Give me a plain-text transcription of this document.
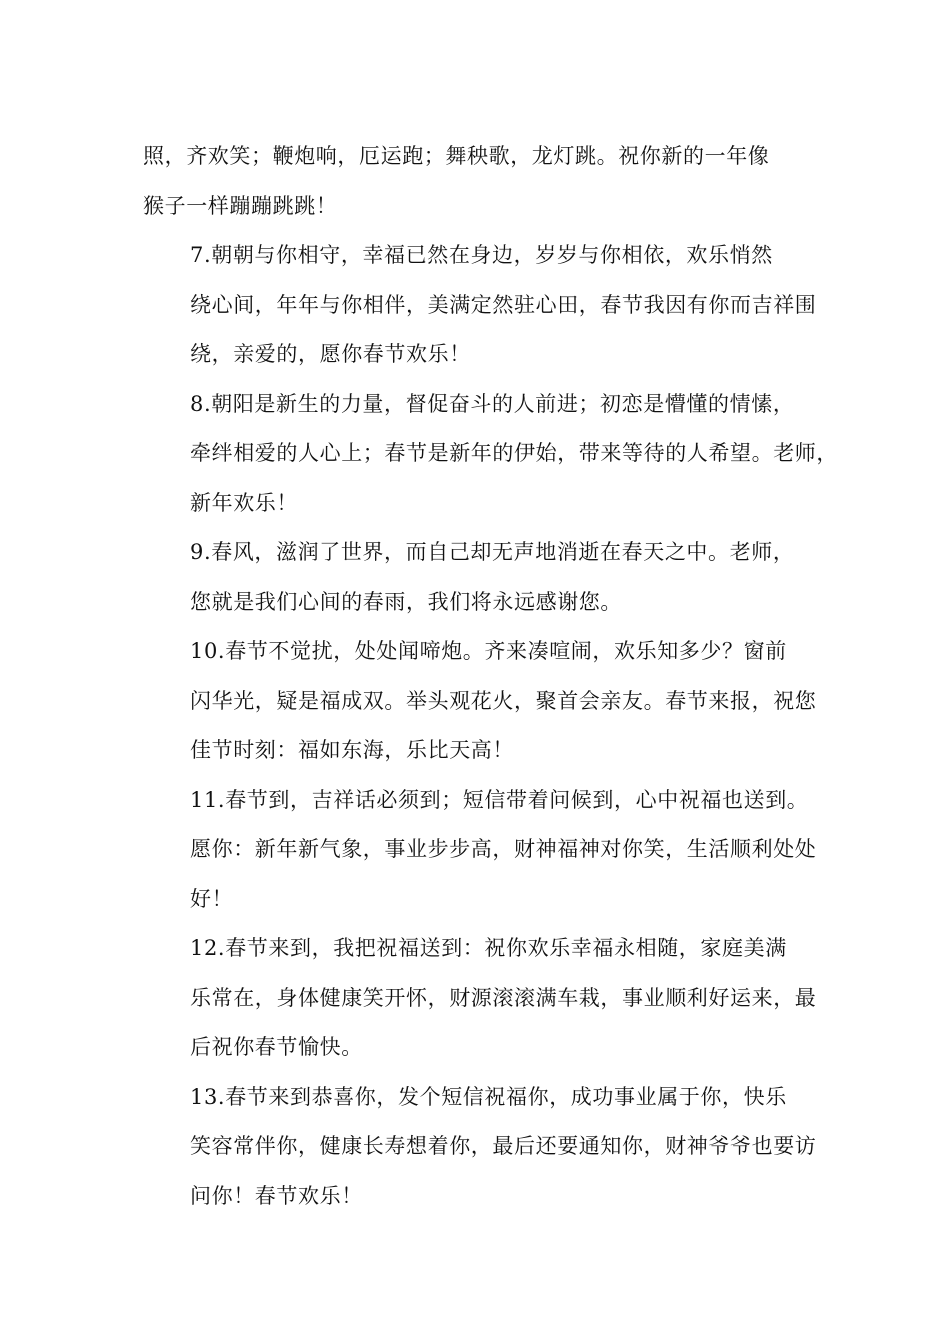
照，齐欢笑；鞭炮响，厄运跑；舞秧歌，龙灯跳。祝你新的一年像
猴子一样蹦蹦跳跳！

7.朝朝与你相守，幸福已然在身边，岁岁与你相依，欢乐悄然
绕心间，年年与你相伴，美满定然驻心田，春节我因有你而吉祥围
绕，亲爱的，愿你春节欢乐！

8.朝阳是新生的力量，督促奋斗的人前进；初恋是懵懂的情愫，
牵绊相爱的人心上；春节是新年的伊始，带来等待的人希望。老师，
新年欢乐！

9.春风，滋润了世界，而自己却无声地消逝在春天之中。老师，
您就是我们心间的春雨，我们将永远感谢您。

10.春节不觉扰，处处闻啼炮。齐来凑喧闹，欢乐知多少？窗前
闪华光，疑是福成双。举头观花火，聚首会亲友。春节来报，祝您
佳节时刻：福如东海，乐比天高！

11.春节到，吉祥话必须到；短信带着问候到，心中祝福也送到。
愿你：新年新气象，事业步步高，财神福神对你笑，生活顺利处处
好！

12.春节来到，我把祝福送到：祝你欢乐幸福永相随，家庭美满
乐常在，身体健康笑开怀，财源滚滚满车栽，事业顺利好运来，最
后祝你春节愉快。

13.春节来到恭喜你，发个短信祝福你，成功事业属于你，快乐
笑容常伴你，健康长寿想着你，最后还要通知你，财神爷爷也要访
问你！春节欢乐！
